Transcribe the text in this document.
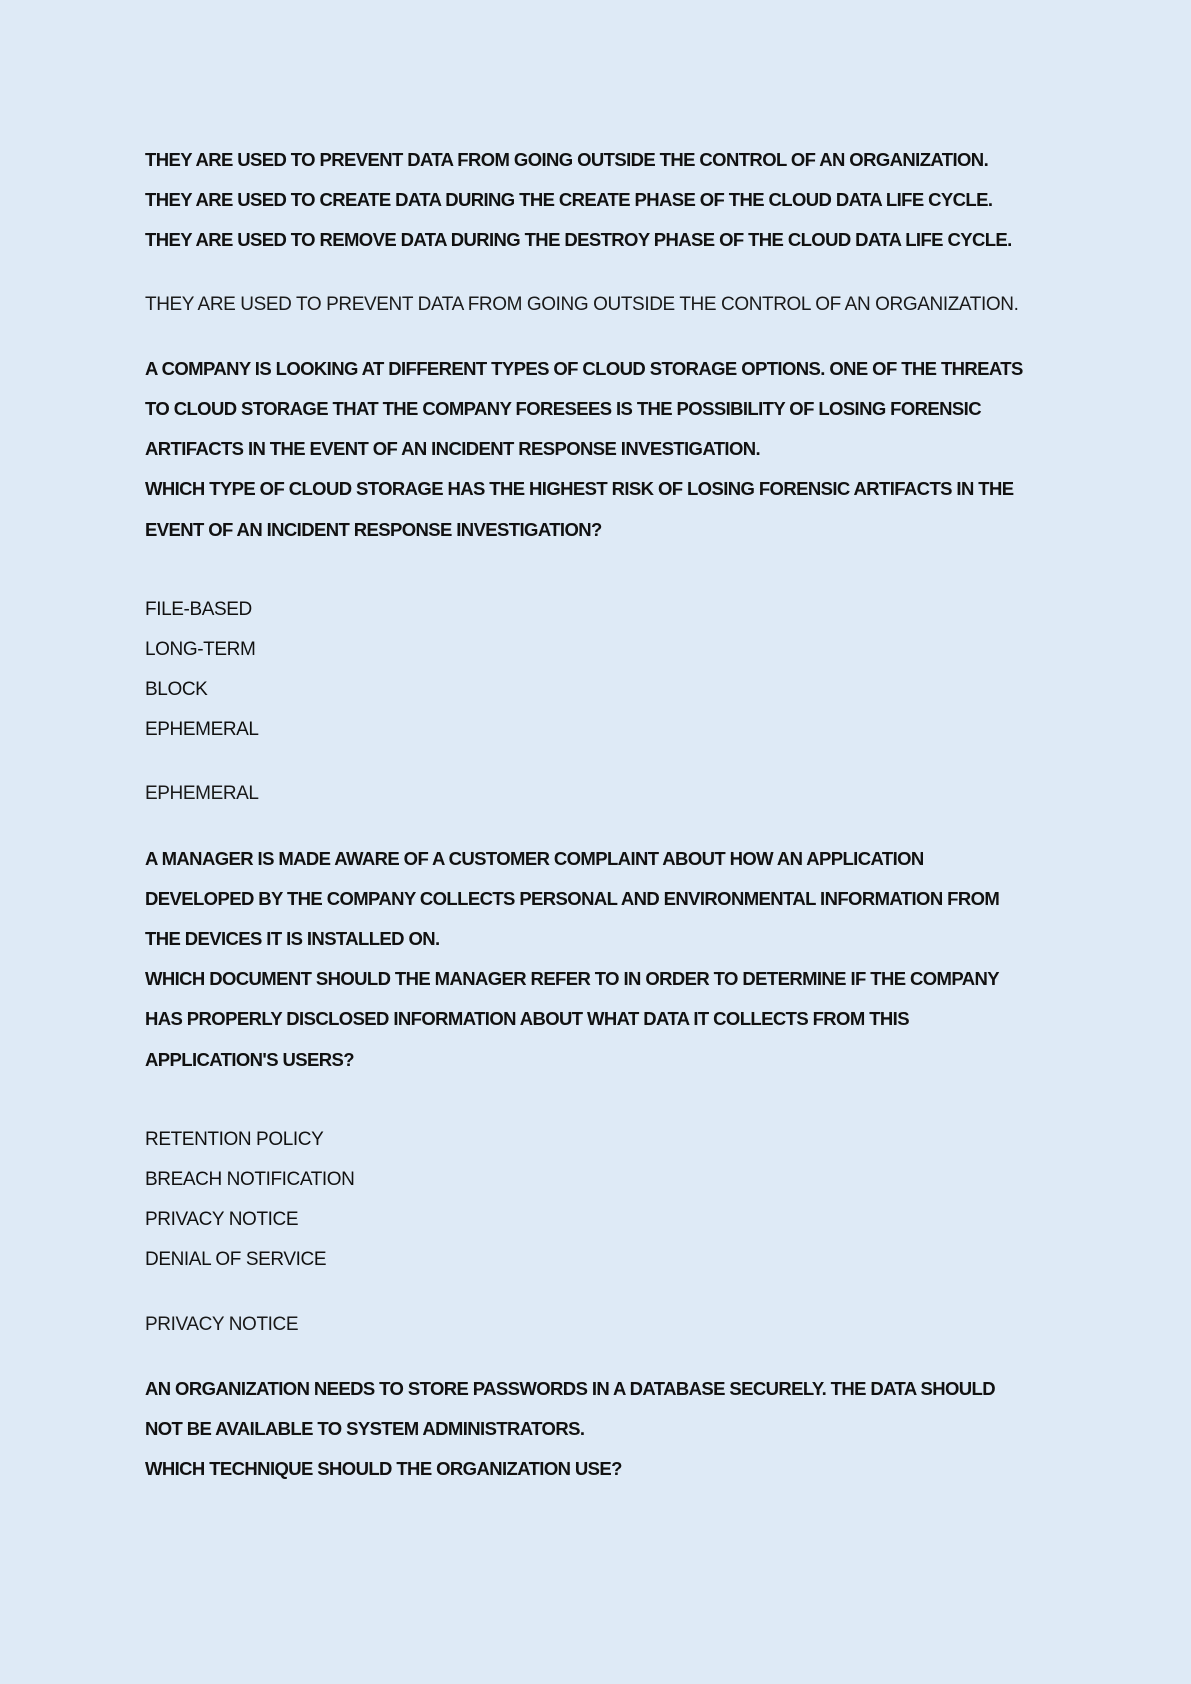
THEY ARE USED TO PREVENT DATA FROM GOING OUTSIDE THE CONTROL OF AN ORGANIZATION.
THEY ARE USED TO CREATE DATA DURING THE CREATE PHASE OF THE CLOUD DATA LIFE CYCLE.
THEY ARE USED TO REMOVE DATA DURING THE DESTROY PHASE OF THE CLOUD DATA LIFE CYCLE.
THEY ARE USED TO PREVENT DATA FROM GOING OUTSIDE THE CONTROL OF AN ORGANIZATION.
A COMPANY IS LOOKING AT DIFFERENT TYPES OF CLOUD STORAGE OPTIONS. ONE OF THE THREATS
TO CLOUD STORAGE THAT THE COMPANY FORESEES IS THE POSSIBILITY OF LOSING FORENSIC
ARTIFACTS IN THE EVENT OF AN INCIDENT RESPONSE INVESTIGATION.
WHICH TYPE OF CLOUD STORAGE HAS THE HIGHEST RISK OF LOSING FORENSIC ARTIFACTS IN THE
EVENT OF AN INCIDENT RESPONSE INVESTIGATION?
FILE-BASED
LONG-TERM
BLOCK
EPHEMERAL
EPHEMERAL
A MANAGER IS MADE AWARE OF A CUSTOMER COMPLAINT ABOUT HOW AN APPLICATION
DEVELOPED BY THE COMPANY COLLECTS PERSONAL AND ENVIRONMENTAL INFORMATION FROM
THE DEVICES IT IS INSTALLED ON.
WHICH DOCUMENT SHOULD THE MANAGER REFER TO IN ORDER TO DETERMINE IF THE COMPANY
HAS PROPERLY DISCLOSED INFORMATION ABOUT WHAT DATA IT COLLECTS FROM THIS
APPLICATION'S USERS?
RETENTION POLICY
BREACH NOTIFICATION
PRIVACY NOTICE
DENIAL OF SERVICE
PRIVACY NOTICE
AN ORGANIZATION NEEDS TO STORE PASSWORDS IN A DATABASE SECURELY. THE DATA SHOULD
NOT BE AVAILABLE TO SYSTEM ADMINISTRATORS.
WHICH TECHNIQUE SHOULD THE ORGANIZATION USE?
